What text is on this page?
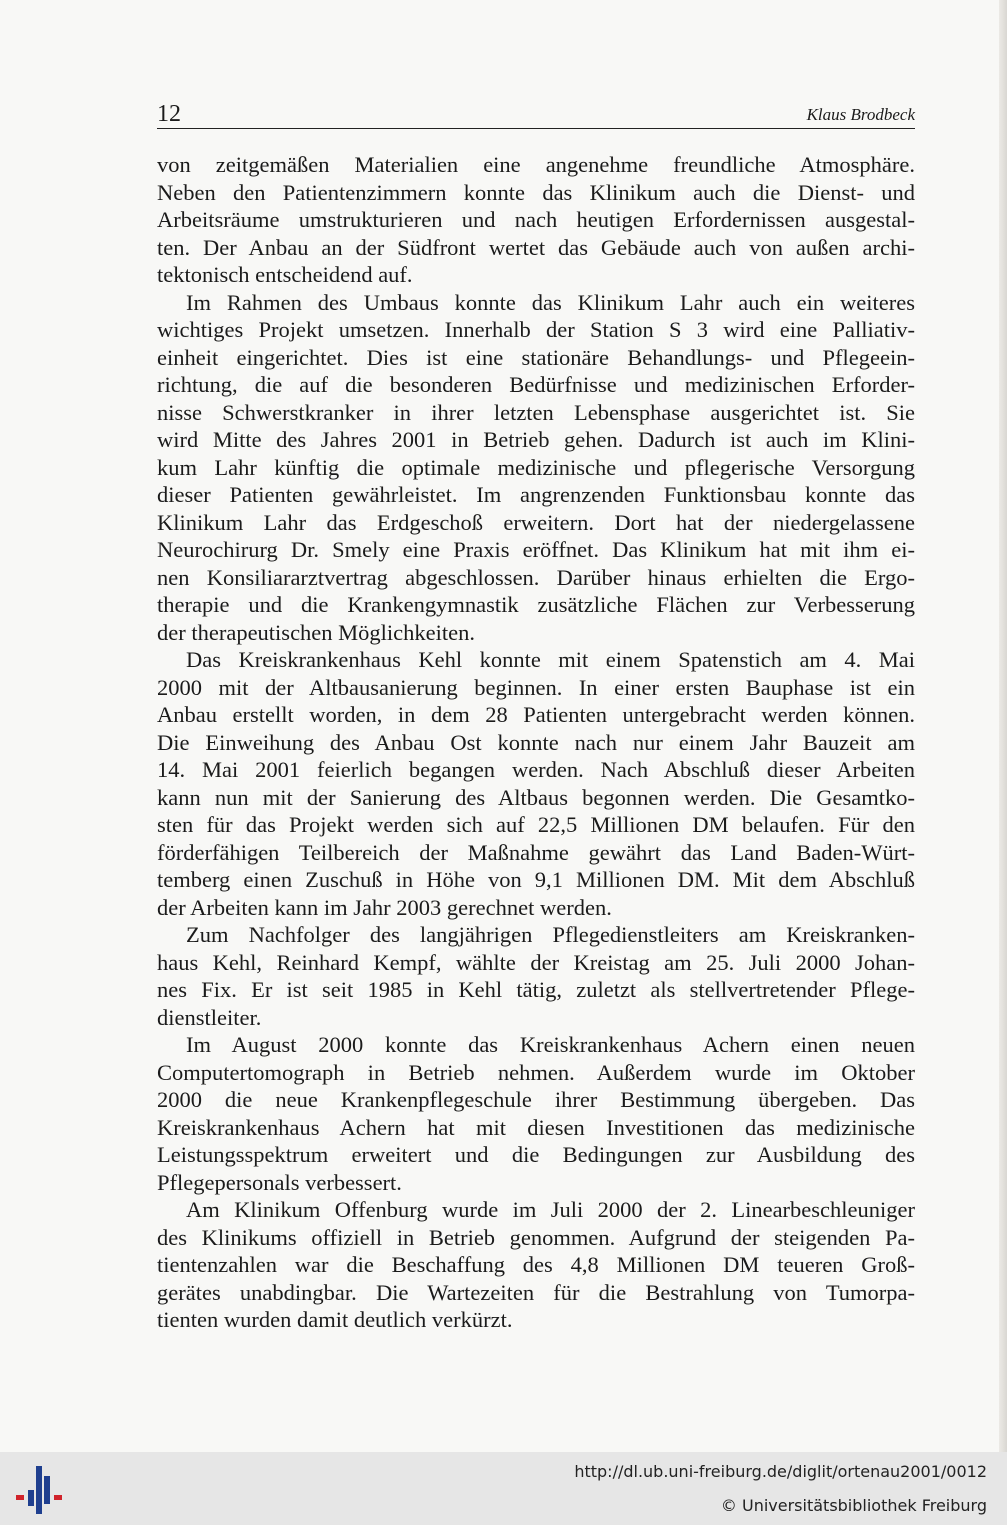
12	Klaus Brodbeck

von zeitgemäßen Materialien eine angenehme freundliche Atmosphäre.
Neben den Patientenzimmern konnte das Klinikum auch die Dienst- und
Arbeitsräume umstrukturieren und nach heutigen Erfordernissen ausgestal-
ten. Der Anbau an der Südfront wertet das Gebäude auch von außen archi-
tektonisch entscheidend auf.

Im Rahmen des Umbaus konnte das Klinikum Lahr auch ein weiteres
wichtiges Projekt umsetzen. Innerhalb der Station S 3 wird eine Palliativ-
einheit eingerichtet. Dies ist eine stationäre Behandlungs- und Pflegeein-
richtung, die auf die besonderen Bedürfnisse und medizinischen Erforder-
nisse Schwerstkranker in ihrer letzten Lebensphase ausgerichtet ist. Sie
wird Mitte des Jahres 2001 in Betrieb gehen. Dadurch ist auch im Klini-
kum Lahr künftig die optimale medizinische und pflegerische Versorgung
dieser Patienten gewährleistet. Im angrenzenden Funktionsbau konnte das
Klinikum Lahr das Erdgeschoß erweitern. Dort hat der niedergelassene
Neurochirurg Dr. Smely eine Praxis eröffnet. Das Klinikum hat mit ihm ei-
nen Konsiliararztvertrag abgeschlossen. Darüber hinaus erhielten die Ergo-
therapie und die Krankengymnastik zusätzliche Flächen zur Verbesserung
der therapeutischen Möglichkeiten.

Das Kreiskrankenhaus Kehl konnte mit einem Spatenstich am 4. Mai
2000 mit der Altbausanierung beginnen. In einer ersten Bauphase ist ein
Anbau erstellt worden, in dem 28 Patienten untergebracht werden können.
Die Einweihung des Anbau Ost konnte nach nur einem Jahr Bauzeit am
14. Mai 2001 feierlich begangen werden. Nach Abschluß dieser Arbeiten
kann nun mit der Sanierung des Altbaus begonnen werden. Die Gesamtko-
sten für das Projekt werden sich auf 22,5 Millionen DM belaufen. Für den
förderfähigen Teilbereich der Maßnahme gewährt das Land Baden-Würt-
temberg einen Zuschuß in Höhe von 9,1 Millionen DM. Mit dem Abschluß
der Arbeiten kann im Jahr 2003 gerechnet werden.

Zum Nachfolger des langjährigen Pflegedienstleiters am Kreiskranken-
haus Kehl, Reinhard Kempf, wählte der Kreistag am 25. Juli 2000 Johan-
nes Fix. Er ist seit 1985 in Kehl tätig, zuletzt als stellvertretender Pflege-
dienstleiter.

Im August 2000 konnte das Kreiskrankenhaus Achern einen neuen
Computertomograph in Betrieb nehmen. Außerdem wurde im Oktober
2000 die neue Krankenpflegeschule ihrer Bestimmung übergeben. Das
Kreiskrankenhaus Achern hat mit diesen Investitionen das medizinische
Leistungsspektrum erweitert und die Bedingungen zur Ausbildung des
Pflegepersonals verbessert.

Am Klinikum Offenburg wurde im Juli 2000 der 2. Linearbeschleuniger
des Klinikums offiziell in Betrieb genommen. Aufgrund der steigenden Pa-
tientenzahlen war die Beschaffung des 4,8 Millionen DM teueren Groß-
gerätes unabdingbar. Die Wartezeiten für die Bestrahlung von Tumorpa-
tienten wurden damit deutlich verkürzt.

http://dl.ub.uni-freiburg.de/diglit/ortenau2001/0012
© Universitätsbibliothek Freiburg
